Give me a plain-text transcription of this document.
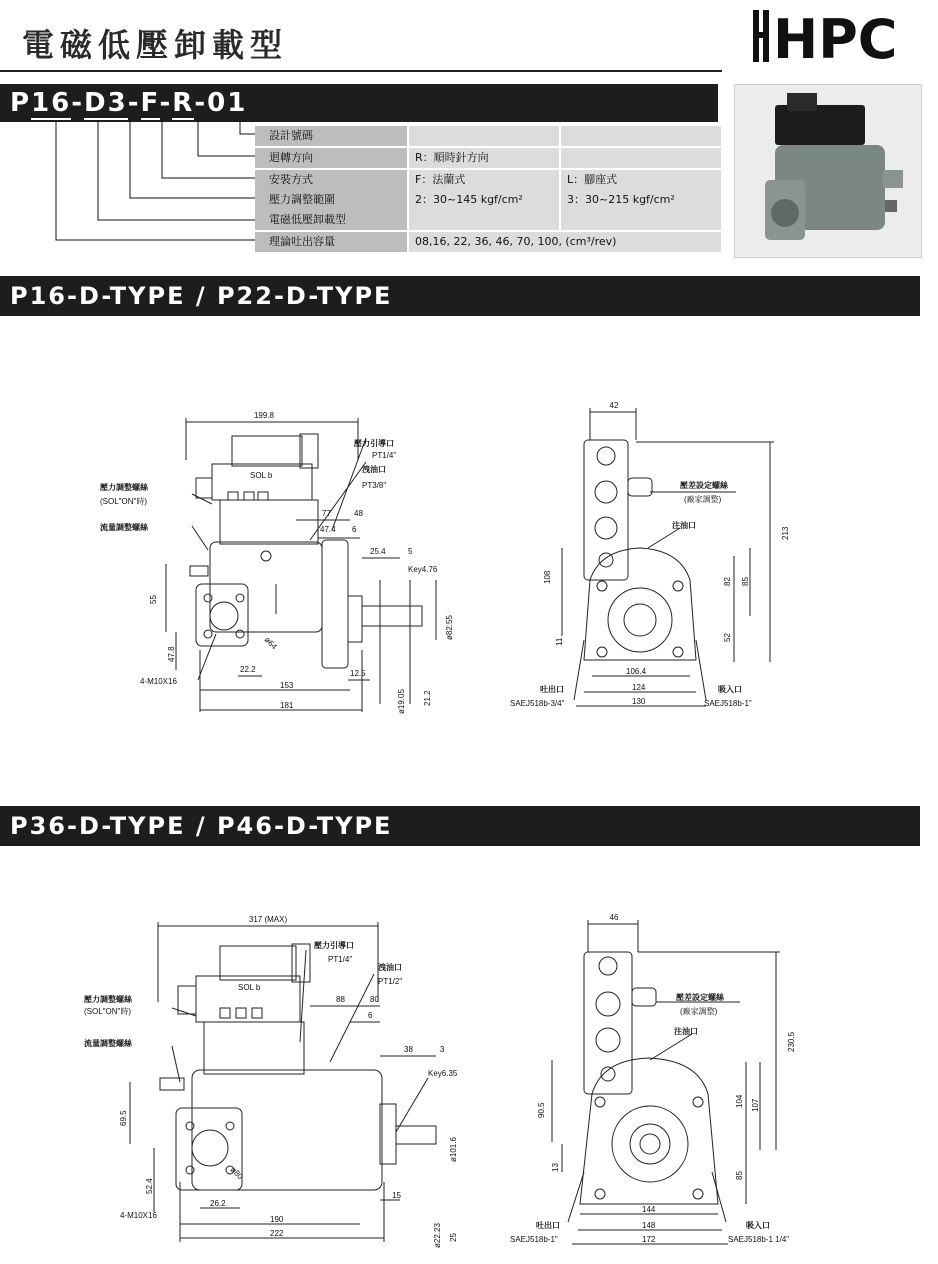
電磁低壓卸載型	HPC
P16-D3-F-R-01
設計號碼
迴轉方向	R：順時針方向
安裝方式	F：法蘭式	L：腳座式
壓力調整範圍	2：30~145 kgf/cm²	3：30~215 kgf/cm²
電磁低壓卸載型
理論吐出容量	08,16, 22, 36, 46, 70, 100, (cm³/rev)
P16-D-TYPE / P22-D-TYPE
199.8
壓力引導口
PT1/4"
洩油口
PT3/8"
壓力調整螺絲
(SOL"ON"時)
流量調整螺絲
SOL b
77	48
47.4 6
25.4	5
Key4.76
55
47.8
4-M10X16
22.2
153
181
12.5
ø19.05 21.2
ø82.55
ø64
42
213
108
11
82 85
52
106.4
124
130
壓差設定螺絲
(廠家調整)
注油口
吐出口
SAEJ518b-3/4"
吸入口
SAEJ518b-1"
P36-D-TYPE / P46-D-TYPE
317 (MAX)
壓力引導口
PT1/4"
洩油口
PT1/2"
壓力調整螺絲
(SOL"ON"時)
流量調整螺絲
SOL b
88	80
6
38	3
Key6.35
69.5
52.4
4-M10X16
26.2
190
222
15
ø22.23 25
ø101.6
ø80
46
230.5
90.5
13
104 107
85
144
148
172
壓差設定螺絲
(廠家調整)
注油口
吐出口
SAEJ518b-1"
吸入口
SAEJ518b-1 1/4"
